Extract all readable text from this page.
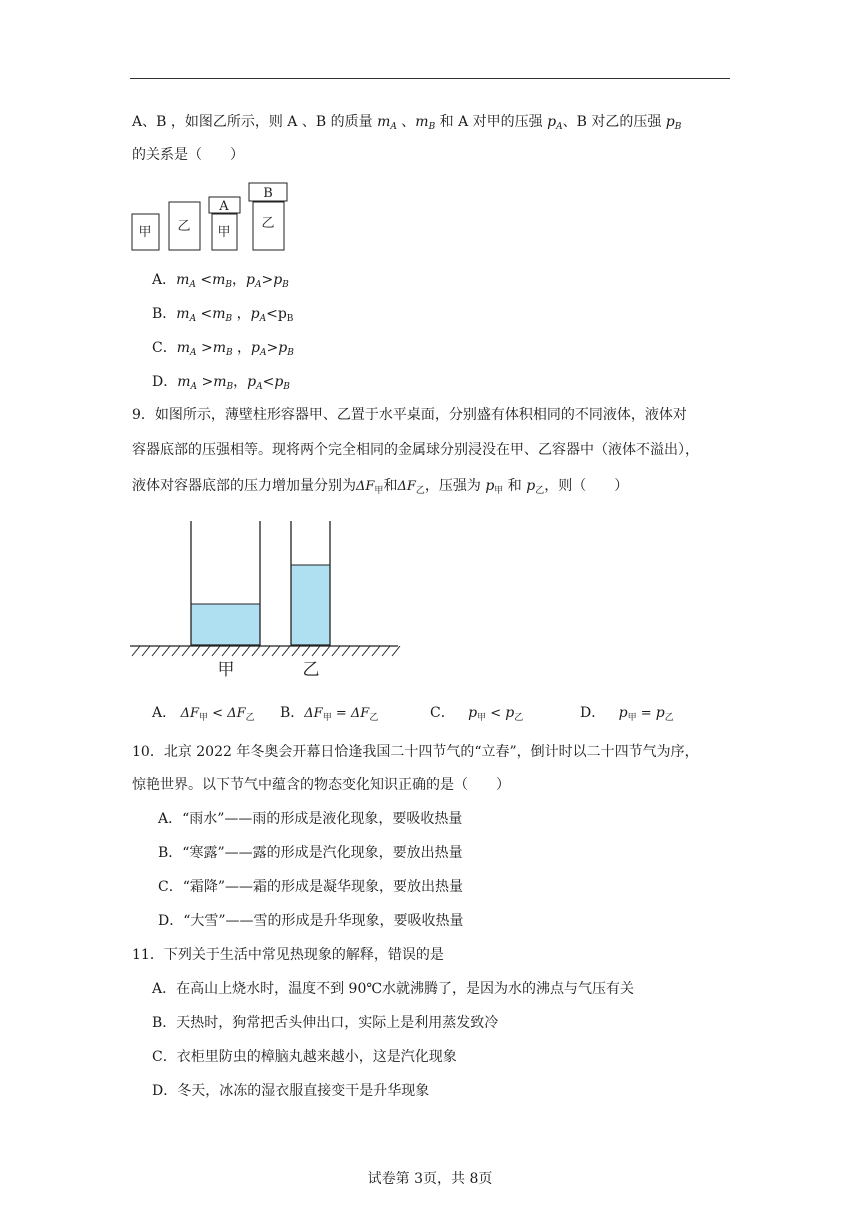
A、B ，如图乙所示，则 A 、B 的质量 $m_A$ 、$m_B$ 和 A 对甲的压强 $p_A$、B 对乙的压强 $p_B$
的关系是（　　）
甲 乙
A
甲
B
乙
A．$m_A <m_B$，$p_A>p_B$
B．$m_A <m_B$ ，$p_A<p_B$
C．$m_A >m_B$ ，$p_A>p_B$
D．$m_A >m_B$，$p_A<p_B$
9．如图所示，薄壁柱形容器甲、乙置于水平桌面，分别盛有体积相同的不同液体，液体对
容器底部的压强相等。现将两个完全相同的金属球分别浸没在甲、乙容器中（液体不溢出），
液体对容器底部的压力增加量分别为$\Delta F_甲$和$\Delta F_乙$，压强为 $p_甲$ 和 $p_乙$，则（　　）
甲	乙
A． $\Delta F_甲 < \Delta F_乙$ B．$\Delta F_甲 = \Delta F_乙$	C． $p_甲 < p_乙$	D． $p_甲 = p_乙$
10．北京 2022 年冬奥会开幕日恰逢我国二十四节气的“立春”，倒计时以二十四节气为序，
惊艳世界。以下节气中蕴含的物态变化知识正确的是（　　）
A．“雨水”——雨的形成是液化现象，要吸收热量
B．“寒露”——露的形成是汽化现象，要放出热量
C．“霜降”——霜的形成是凝华现象，要放出热量
D．“大雪”——雪的形成是升华现象，要吸收热量
11．下列关于生活中常见热现象的解释，错误的是
A．在高山上烧水时，温度不到 90℃水就沸腾了，是因为水的沸点与气压有关
B．天热时，狗常把舌头伸出口，实际上是利用蒸发致冷
C．衣柜里防虫的樟脑丸越来越小，这是汽化现象
D．冬天，冰冻的湿衣服直接变干是升华现象
试卷第 3页，共 8页
